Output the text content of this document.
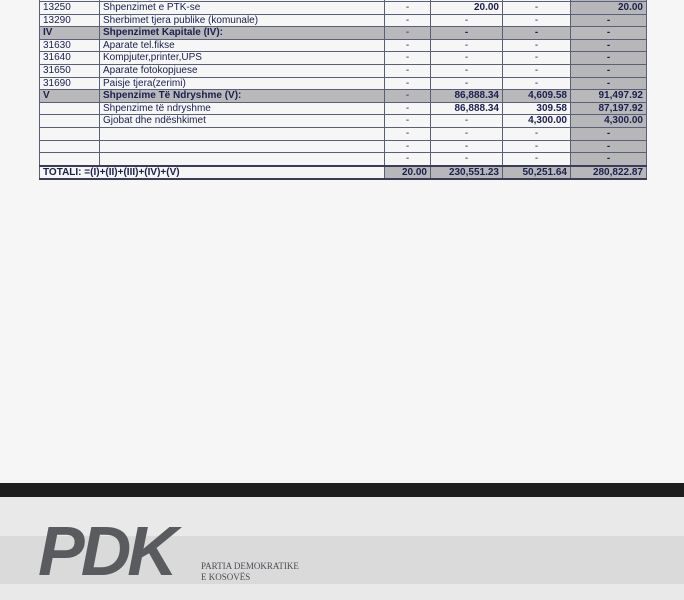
13250	Shpenzimet e PTK-se	-	20.00	-	20.00
13290	Sherbimet tjera publike (komunale)	-	-	-	-
IV	Shpenzimet Kapitale (IV):	-	-	-	-
31630	Aparate tel.fikse	-	-	-	-
31640	Kompjuter,printer,UPS	-	-	-	-
31650	Aparate fotokopjuese	-	-	-	-
31690	Paisje tjera(zerimi)	-	-	-	-
V	Shpenzime Të Ndryshme (V):	-	86,888.34	4,609.58	91,497.92
	Shpenzime të ndryshme	-	86,888.34	309.58	87,197.92
	Gjobat dhe ndëshkimet	-	-	4,300.00	4,300.00
		-	-	-	-
		-	-	-	-
		-	-	-	-
TOTALI: =(I)+(II)+(III)+(IV)+(V)		20.00	230,551.23	50,251.64	280,822.87
PDK	PARTIA DEMOKRATIKE
E KOSOVËS
